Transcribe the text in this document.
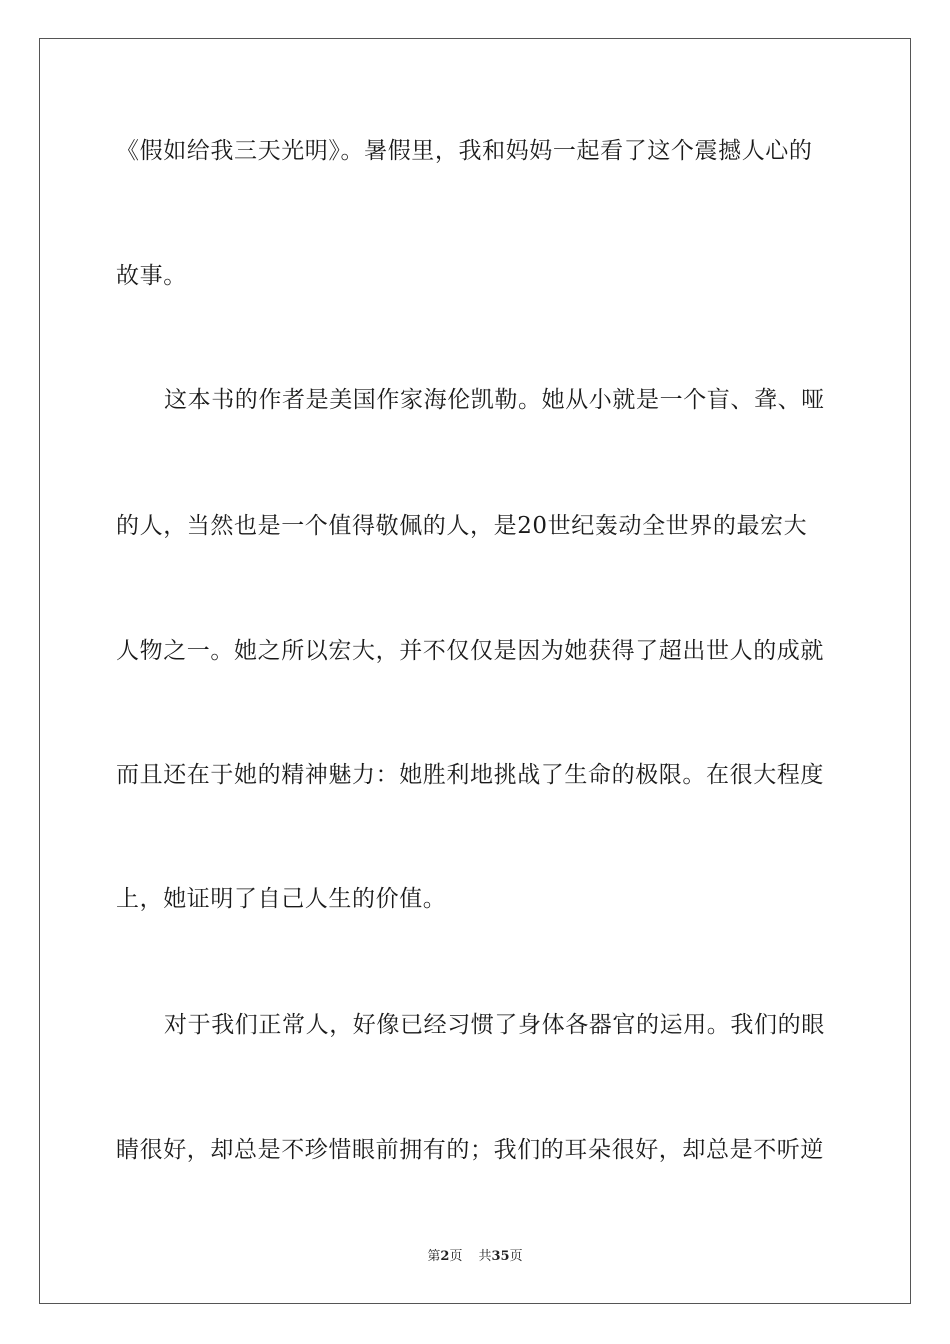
《假如给我三天光明》。暑假里，我和妈妈一起看了这个震撼人心的
故事。
这本书的作者是美国作家海伦凯勒。她从小就是一个盲、聋、哑
的人，当然也是一个值得敬佩的人，是20世纪轰动全世界的最宏大
人物之一。她之所以宏大，并不仅仅是因为她获得了超出世人的成就
而且还在于她的精神魅力：她胜利地挑战了生命的极限。在很大程度
上，她证明了自己人生的价值。
对于我们正常人，好像已经习惯了身体各器官的运用。我们的眼
睛很好，却总是不珍惜眼前拥有的；我们的耳朵很好，却总是不听逆
第2页 共35页
